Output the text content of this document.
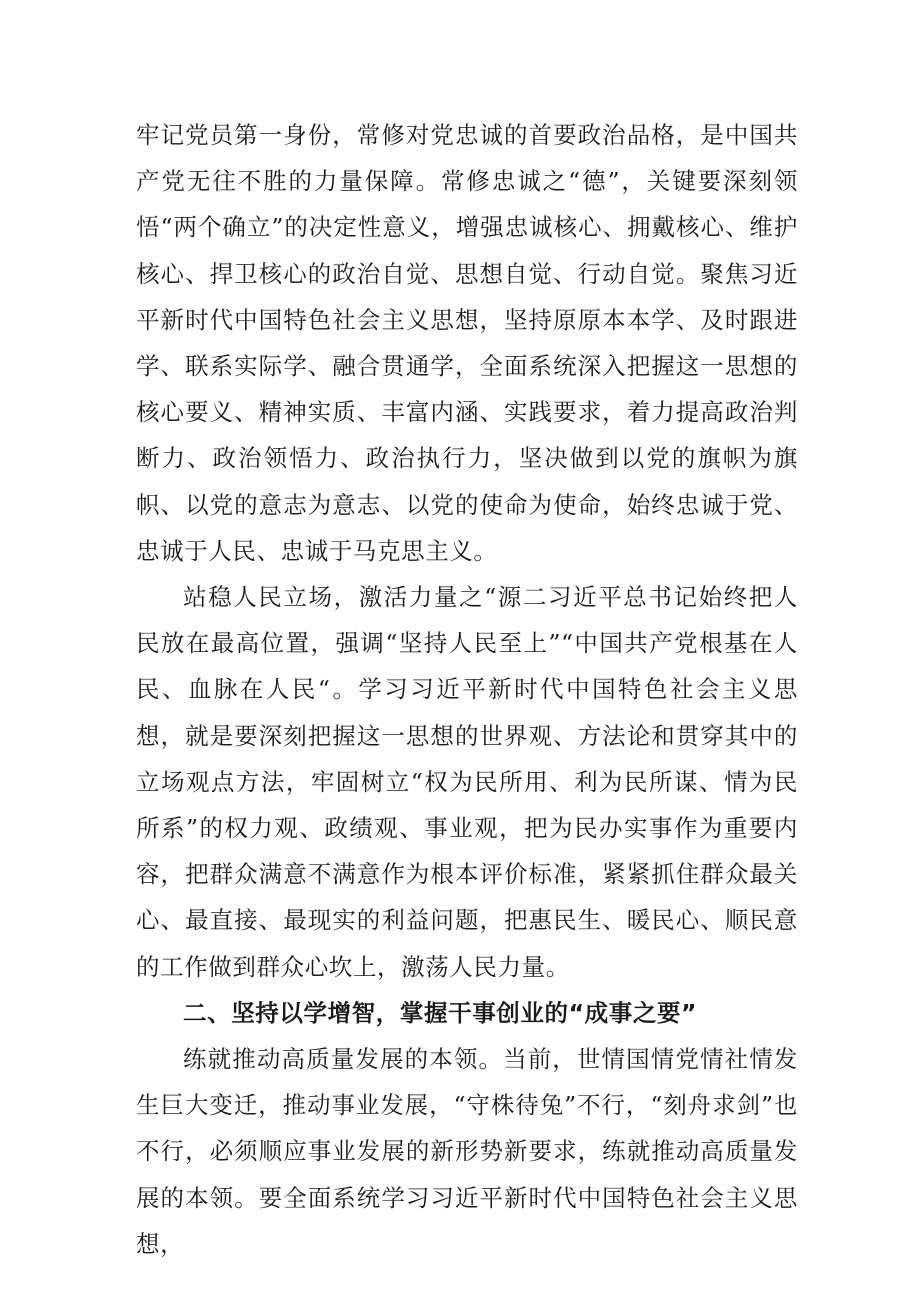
牢记党员第一身份，常修对党忠诚的首要政治品格，是中国共产党无往不胜的力量保障。常修忠诚之“德”，关键要深刻领悟“两个确立”的决定性意义，增强忠诚核心、拥戴核心、维护核心、捍卫核心的政治自觉、思想自觉、行动自觉。聚焦习近平新时代中国特色社会主义思想，坚持原原本本学、及时跟进学、联系实际学、融合贯通学，全面系统深入把握这一思想的核心要义、精神实质、丰富内涵、实践要求，着力提高政治判断力、政治领悟力、政治执行力，坚决做到以党的旗帜为旗帜、以党的意志为意志、以党的使命为使命，始终忠诚于党、忠诚于人民、忠诚于马克思主义。

站稳人民立场，激活力量之“源二习近平总书记始终把人民放在最高位置，强调“坚持人民至上”“中国共产党根基在人民、血脉在人民“。学习习近平新时代中国特色社会主义思想，就是要深刻把握这一思想的世界观、方法论和贯穿其中的立场观点方法，牢固树立“权为民所用、利为民所谋、情为民所系”的权力观、政绩观、事业观，把为民办实事作为重要内容，把群众满意不满意作为根本评价标准，紧紧抓住群众最关心、最直接、最现实的利益问题，把惠民生、暖民心、顺民意的工作做到群众心坎上，激荡人民力量。

二、坚持以学增智，掌握干事创业的“成事之要”

练就推动高质量发展的本领。当前，世情国情党情社情发生巨大变迁，推动事业发展，“守株待兔”不行，“刻舟求剑”也不行，必须顺应事业发展的新形势新要求，练就推动高质量发展的本领。要全面系统学习习近平新时代中国特色社会主义思想，
